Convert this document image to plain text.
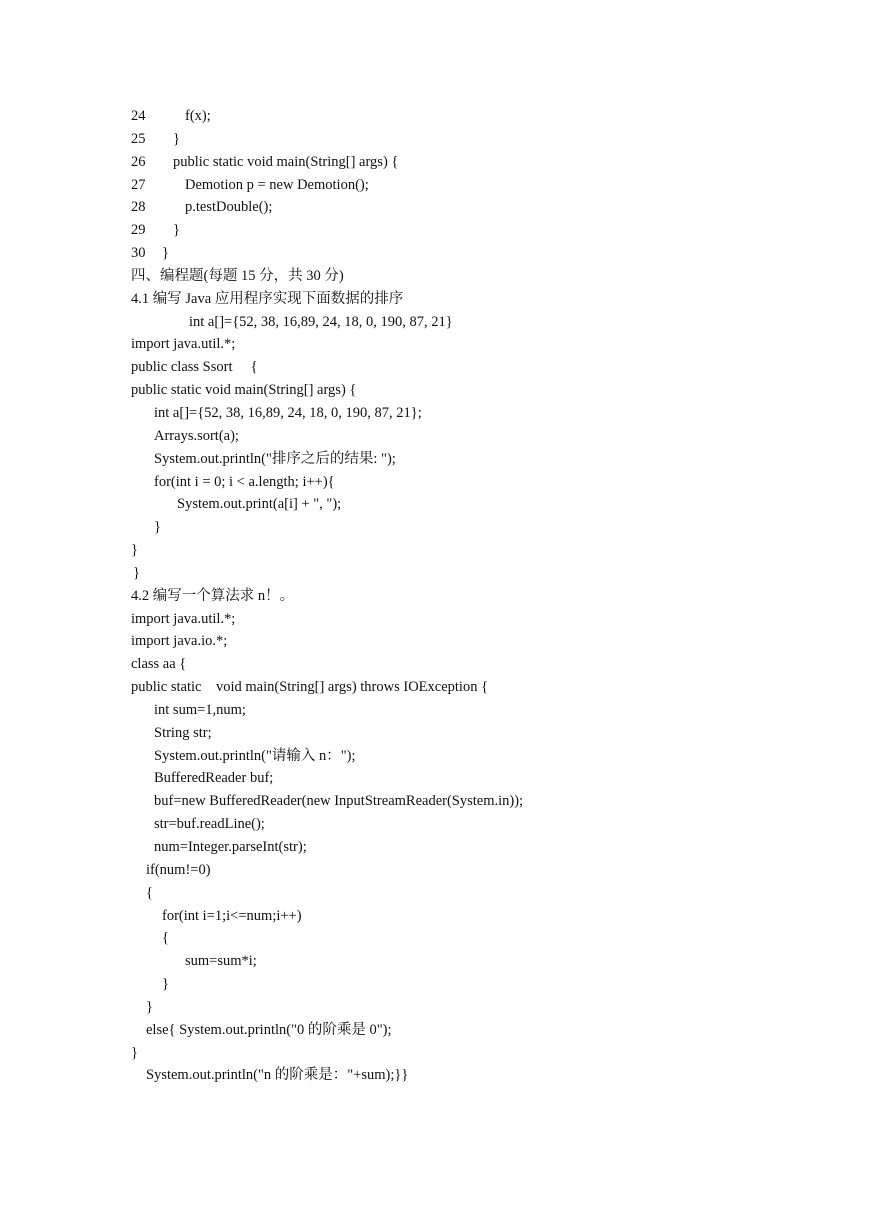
24

	f(x);

25

}

26

public static void main(String[] args) {

27

	Demotion p = new Demotion();

28

	p.testDouble();

29

}

30

}

四、编程题(每题 15 分，共 30 分)

4.1 编写 Java 应用程序实现下面数据的排序

int a[]={52, 38, 16,89, 24, 18, 0, 190, 87, 21}

import java.util.*;

public class Ssort     {

public static void main(String[] args) {

int a[]={52, 38, 16,89, 24, 18, 0, 190, 87, 21};

Arrays.sort(a);

System.out.println("排序之后的结果: ");

for(int i = 0; i < a.length; i++){

System.out.print(a[i] + ", ");

}

}

}

4.2 编写一个算法求 n！。

import java.util.*;

import java.io.*;

class aa {

public static    void main(String[] args) throws IOException {

int sum=1,num;

String str;

System.out.println("请输入 n：");

BufferedReader buf;

buf=new BufferedReader(new InputStreamReader(System.in));

str=buf.readLine();

num=Integer.parseInt(str);

if(num!=0)

{

for(int i=1;i<=num;i++)

{

sum=sum*i;

}

}

else{ System.out.println("0 的阶乘是 0");

}

System.out.println("n 的阶乘是："+sum);}}
